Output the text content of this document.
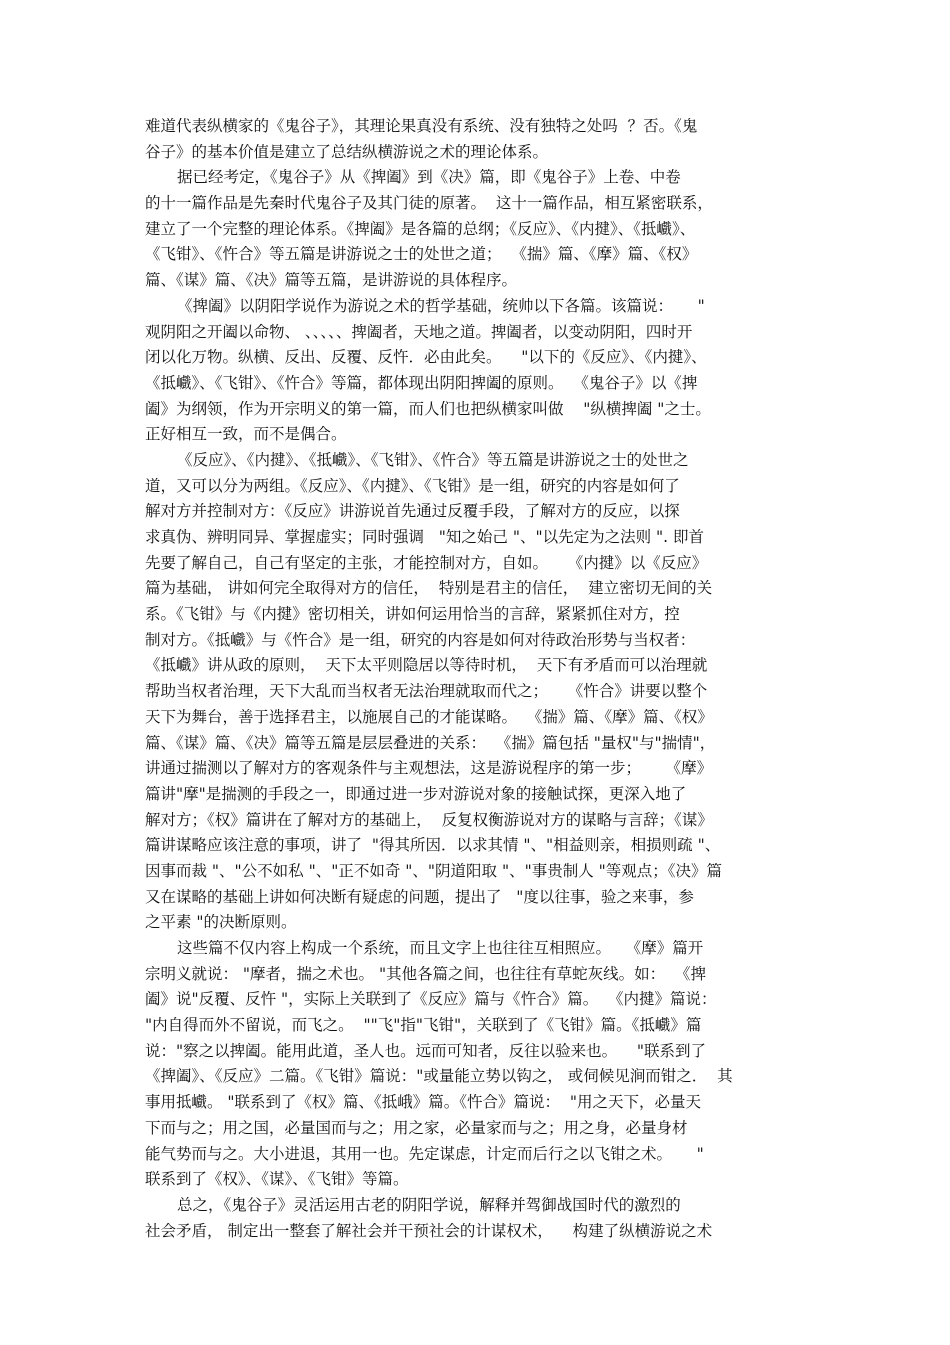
难道代表纵横家的《鬼谷子》，其理论果真没有系统、没有独特之处吗  ？否。《鬼
谷子》的基本价值是建立了总结纵横游说之术的理论体系。
据已经考定，《鬼谷子》从《捭阖》到《决》篇，即《鬼谷子》上卷、中卷
的十一篇作品是先秦时代鬼谷子及其门徒的原著。  这十一篇作品，相互紧密联系，
建立了一个完整的理论体系。《捭阖》是各篇的总纲；《反应》、《内揵》、《抵巇》、
《飞钳》、《忤合》等五篇是讲游说之士的处世之道；  《揣》篇、《摩》篇、《权》
篇、《谋》篇、《决》篇等五篇，是讲游说的具体程序。
《捭阖》以阴阳学说作为游说之术的哲学基础，统帅以下各篇。该篇说：     "
观阴阳之开阖以命物、 、、、、、捭阖者，天地之道。捭阖者，以变动阴阳，四时开
闭以化万物。纵横、反出、反覆、反忤．必由此矣。    "以下的《反应》、《内揵》、
《抵巇》、《飞钳》、《忤合》等篇，都体现出阴阳捭阖的原则。  《鬼谷子》以《捭
阖》为纲领，作为开宗明义的第一篇，而人们也把纵横家叫做    "纵横捭阖 "之士。
正好相互一致，而不是偶合。
《反应》、《内揵》、《抵巇》、《飞钳》、《忤合》等五篇是讲游说之士的处世之
道，又可以分为两组。《反应》、《内揵》、《飞钳》是一组，研究的内容是如何了
解对方并控制对方：《反应》讲游说首先通过反覆手段，了解对方的反应，以探
求真伪、辨明同异、掌握虚实；同时强调   "知之始己 "、"以先定为之法则 ". 即首
先要了解自己，自己有坚定的主张，才能控制对方，自如。    《内揵》以《反应》
篇为基础， 讲如何完全取得对方的信任，  特别是君主的信任，  建立密切无间的关
系。《飞钳》与《内揵》密切相关，讲如何运用恰当的言辞，紧紧抓住对方，控
制对方。《抵巇》与《忤合》是一组，研究的内容是如何对待政治形势与当权者：
《抵巇》讲从政的原则，  天下太平则隐居以等待时机，  天下有矛盾而可以治理就
帮助当权者治理，天下大乱而当权者无法治理就取而代之；    《忤合》讲要以整个
天下为舞台，善于选择君主，以施展自己的才能谋略。  《揣》篇、《摩》篇、《权》
篇、《谋》篇、《决》篇等五篇是层层叠进的关系：  《揣》篇包括 "量权"与"揣情"，
讲通过揣测以了解对方的客观条件与主观想法，这是游说程序的第一步；     《摩》
篇讲"摩"是揣测的手段之一，即通过进一步对游说对象的接触试探，更深入地了
解对方；《权》篇讲在了解对方的基础上，  反复权衡游说对方的谋略与言辞；《谋》
篇讲谋略应该注意的事项，讲了  "得其所因．以求其情 "、"相益则亲，相损则疏 "、
因事而裁 "、"公不如私 "、"正不如奇 "、"阴道阳取 "、"事贵制人 "等观点；《决》篇
又在谋略的基础上讲如何决断有疑虑的问题，提出了   "度以往事，验之来事，参
之平素 "的决断原则。
这些篇不仅内容上构成一个系统，而且文字上也往往互相照应。   《摩》篇开
宗明义就说： "摩者，揣之术也。 "其他各篇之间，也往往有草蛇灰线。如：  《捭
阖》说"反覆、反忤 "，实际上关联到了《反应》篇与《忤合》篇。  《内揵》篇说：
"内自得而外不留说，而飞之。  ""飞"指"飞钳"，关联到了《飞钳》篇。《抵巇》篇
说："察之以捭阖。能用此道，圣人也。远而可知者，反往以验来也。    "联系到了
《捭阖》、《反应》二篇。《飞钳》篇说："或量能立势以钩之， 或伺候见涧而钳之．  其
事用抵巇。 "联系到了《权》篇、《抵峨》篇。《忤合》篇说：  "用之天下，必量天
下而与之；用之国，必量国而与之；用之家，必量家而与之；用之身，必量身材
能气势而与之。大小进退，其用一也。先定谋虑，计定而后行之以飞钳之术。     "
联系到了《权》、《谋》、《飞钳》等篇。
总之，《鬼谷子》灵活运用古老的阴阳学说，解释并驾御战国时代的激烈的
社会矛盾， 制定出一整套了解社会并干预社会的计谋权术，    构建了纵横游说之术
